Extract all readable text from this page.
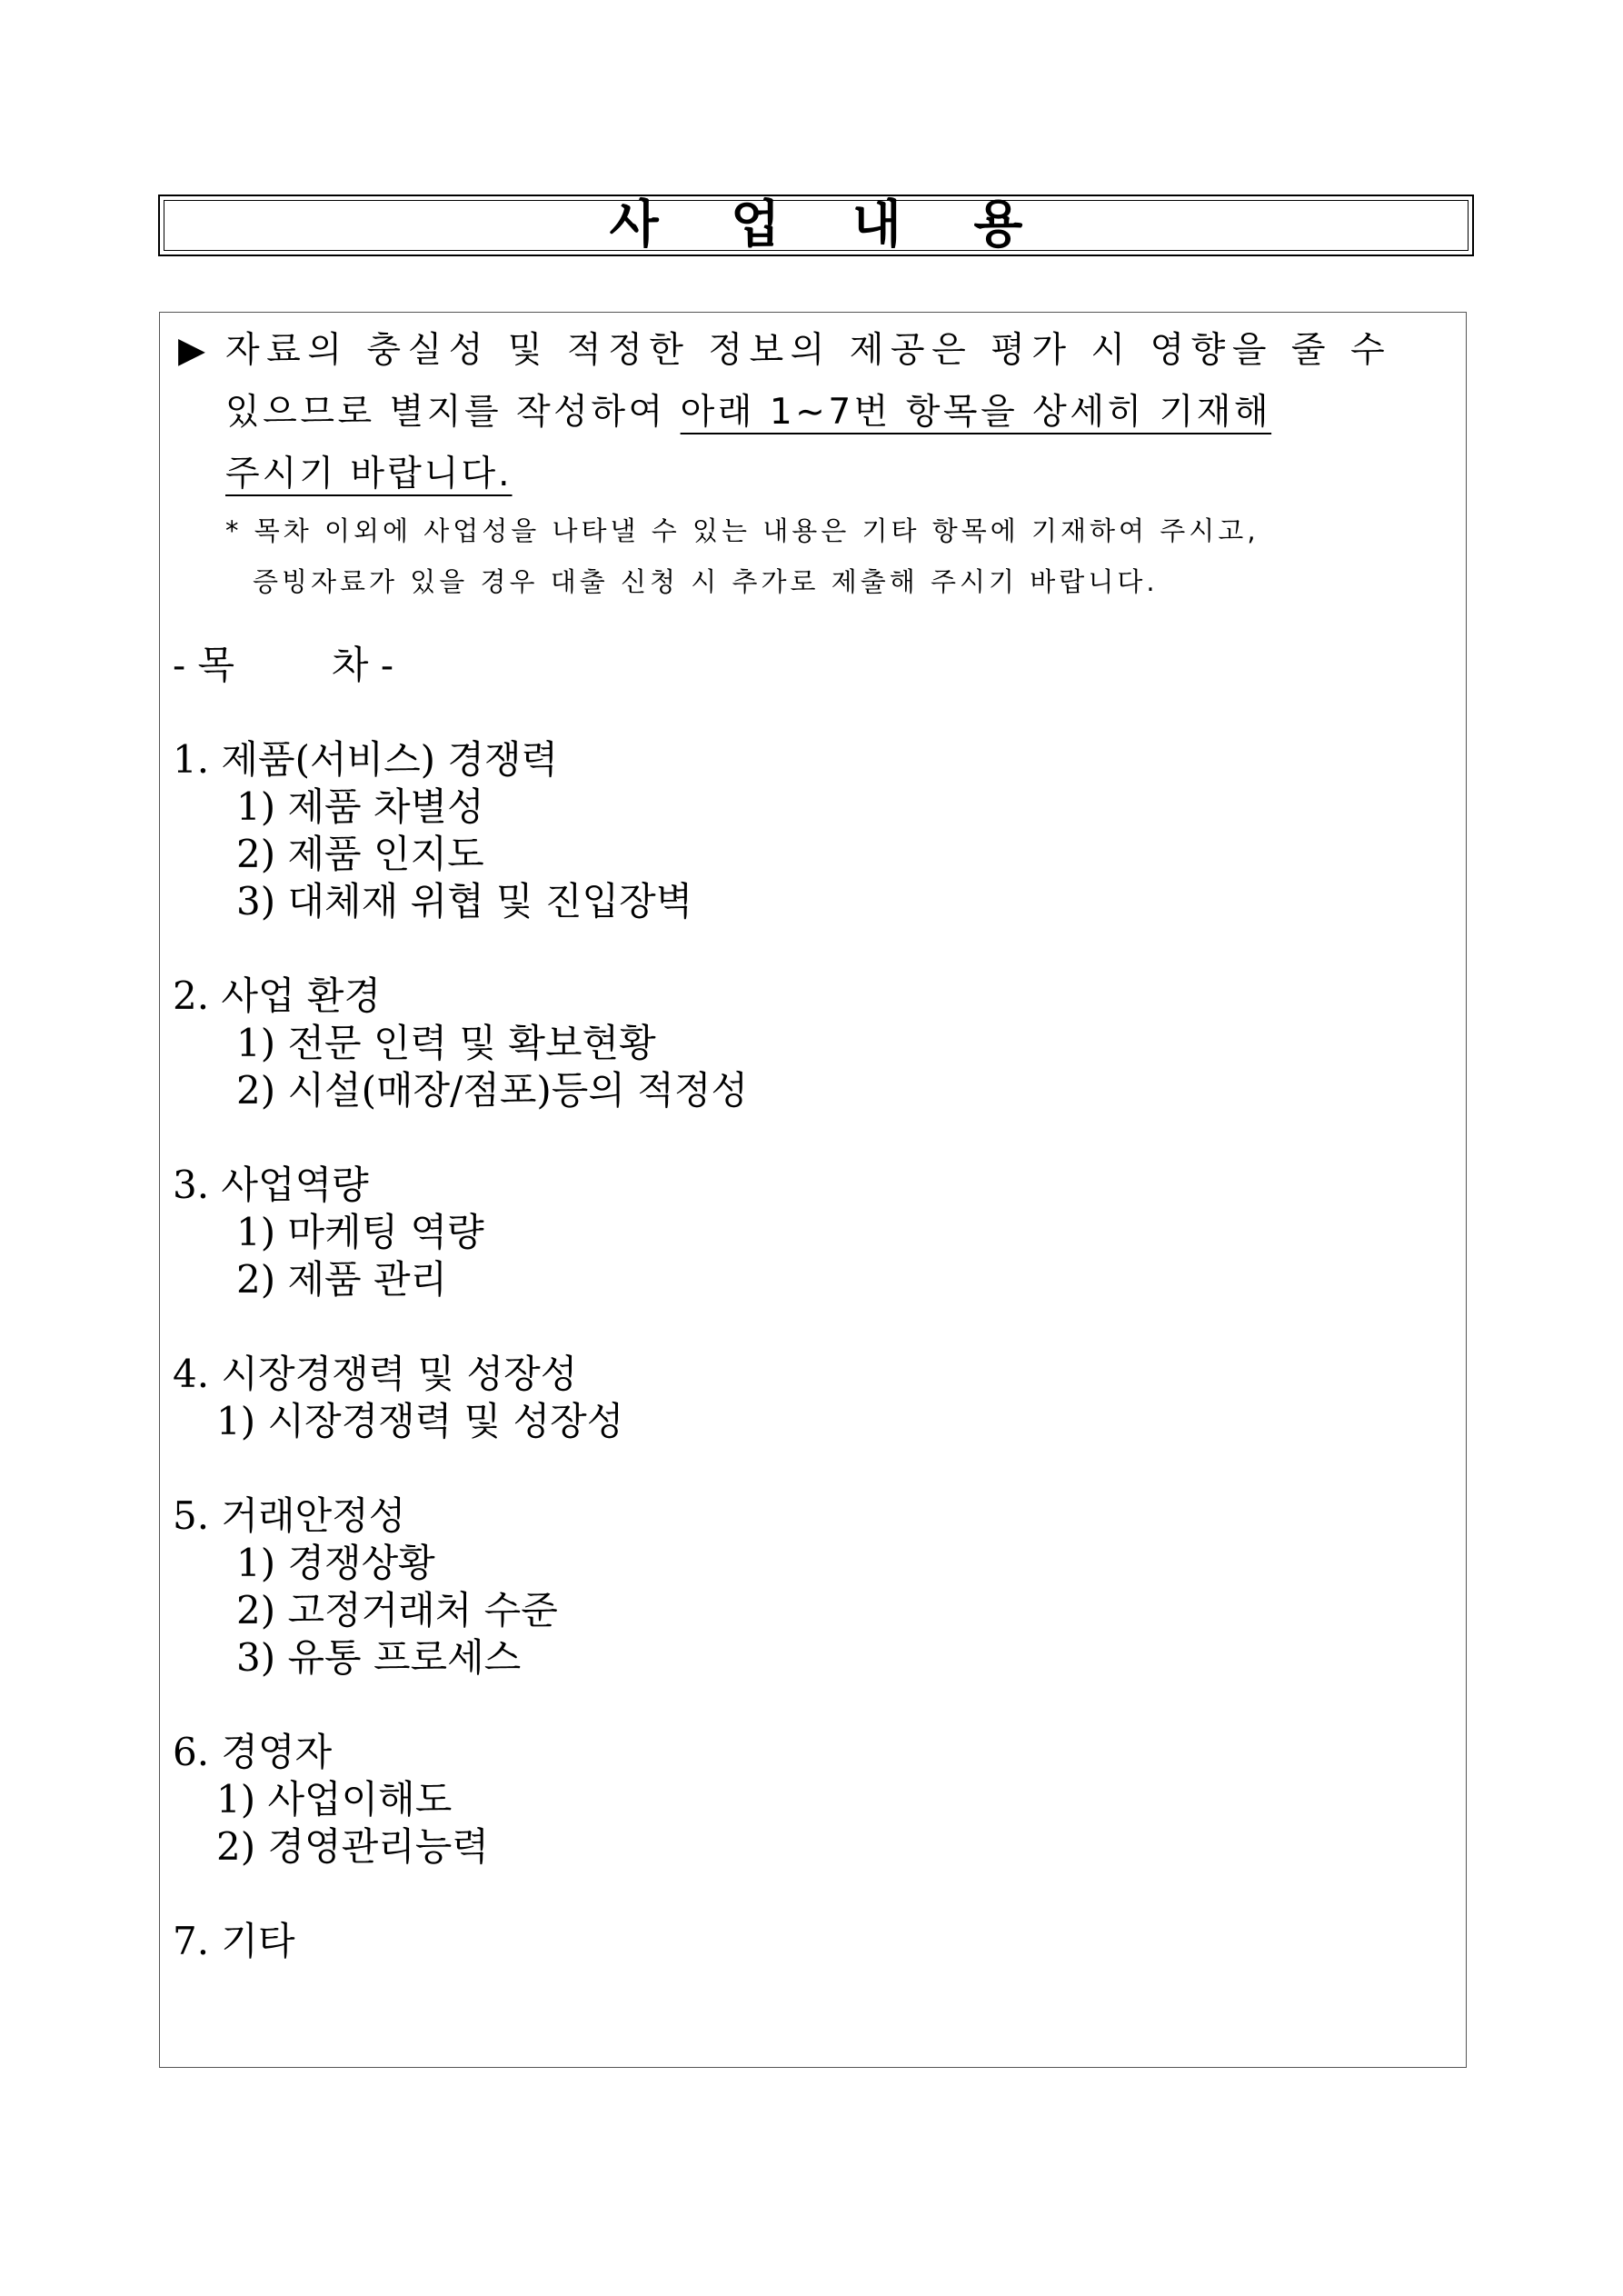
사 업 내 용
▶ 자료의 충실성 및 적정한 정보의 제공은 평가 시 영향을 줄 수
있으므로 별지를 작성하여 아래 1∼7번 항목을 상세히 기재해
주시기 바랍니다.
* 목차 이외에 사업성을 나타낼 수 있는 내용은 기타 항목에 기재하여 주시고,
증빙자료가 있을 경우 대출 신청 시 추가로 제출해 주시기 바랍니다.
- 목        차 -
1. 제품(서비스) 경쟁력
1) 제품 차별성
2) 제품 인지도
3) 대체재 위협 및 진입장벽
2. 사업 환경
1) 전문 인력 및 확보현황
2) 시설(매장/점포)등의 적정성
3. 사업역량
1) 마케팅 역량
2) 제품 관리
4. 시장경쟁력 및 성장성
1) 시장경쟁력 및 성장성
5. 거래안정성
1) 경쟁상황
2) 고정거래처 수준
3) 유통 프로세스
6. 경영자
1) 사업이해도
2) 경영관리능력
7. 기타
